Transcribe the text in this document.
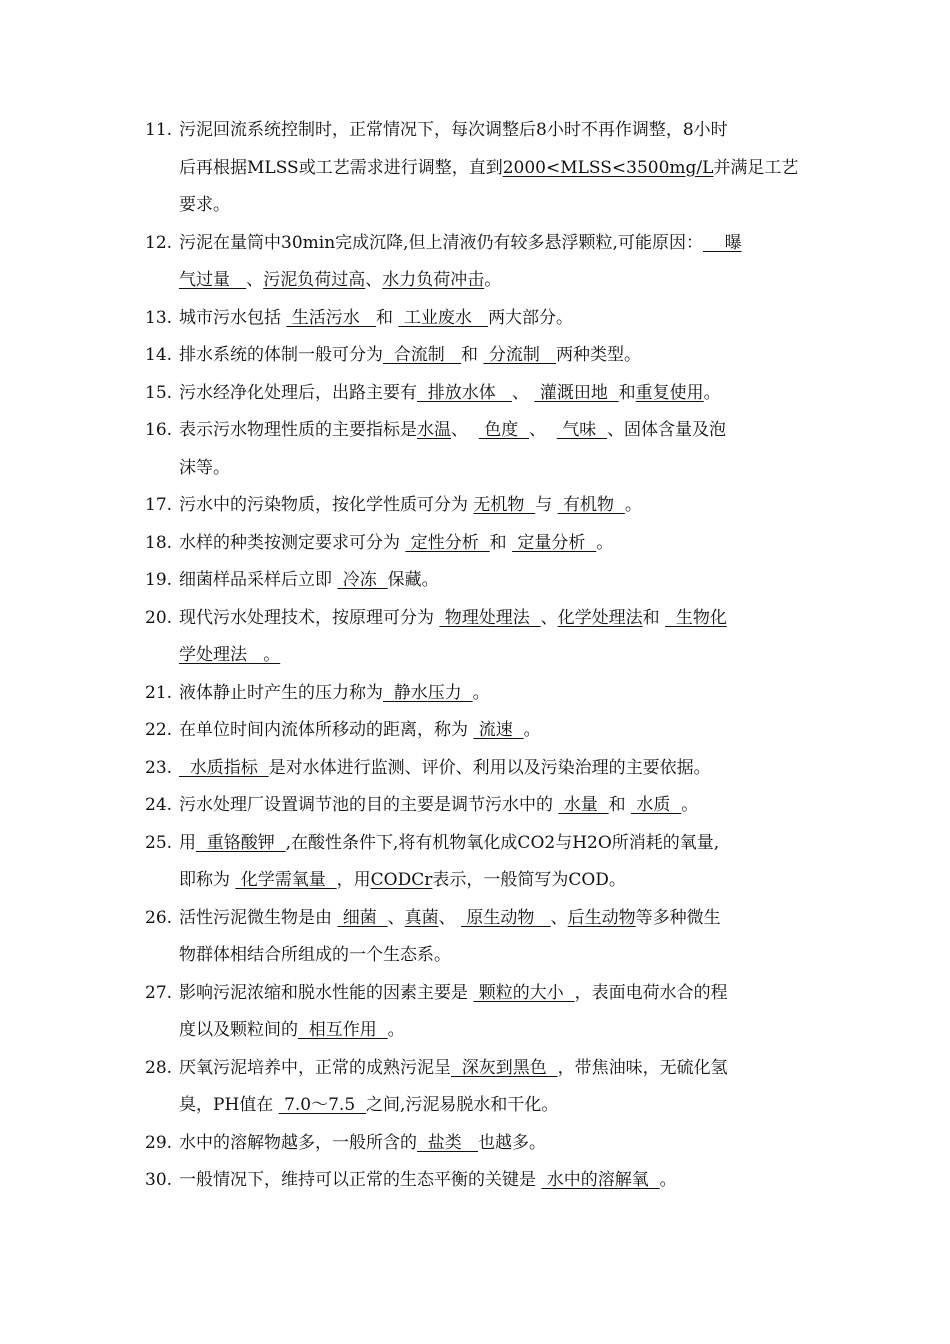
11. 污泥回流系统控制时，正常情况下，每次调整后8小时不再作调整，8小时
后再根据MLSS或工艺需求进行调整，直到2000<MLSS<3500mg/L并满足工艺
要求。
12. 污泥在量筒中30min完成沉降,但上清液仍有较多悬浮颗粒,可能原因：    曝
气过量   、污泥负荷过高、水力负荷冲击。
13. 城市污水包括  生活污水   和  工业废水   两大部分。
14. 排水系统的体制一般可分为  合流制   和  分流制   两种类型。
15. 污水经净化处理后，出路主要有  排放水体   、  灌溉田地  和重复使用。
16. 表示污水物理性质的主要指标是水温、   色度  、   气味  、固体含量及泡
沫等。
17. 污水中的污染物质，按化学性质可分为 无机物  与  有机物  。
18. 水样的种类按测定要求可分为  定性分析  和  定量分析  。
19. 细菌样品采样后立即  冷冻  保藏。
20. 现代污水处理技术，按原理可分为  物理处理法  、化学处理法和   生物化
学处理法   。
21. 液体静止时产生的压力称为  静水压力  。
22. 在单位时间内流体所移动的距离，称为  流速  。
23. 水质指标  是对水体进行监测、评价、利用以及污染治理的主要依据。
24. 污水处理厂设置调节池的目的主要是调节污水中的  水量  和  水质  。
25. 用  重铬酸钾  ,在酸性条件下,将有机物氧化成CO2与H2O所消耗的氧量,
即称为  化学需氧量  ，用CODCr表示，一般简写为COD。
26. 活性污泥微生物是由  细菌  、真菌、  原生动物   、后生动物等多种微生
物群体相结合所组成的一个生态系。
27. 影响污泥浓缩和脱水性能的因素主要是  颗粒的大小  ，表面电荷水合的程
度以及颗粒间的  相互作用  。
28. 厌氧污泥培养中，正常的成熟污泥呈  深灰到黑色  ，带焦油味，无硫化氢
臭，PH值在  7.0～7.5  之间,污泥易脱水和干化。
29. 水中的溶解物越多，一般所含的  盐类   也越多。
30. 一般情况下，维持可以正常的生态平衡的关键是  水中的溶解氧  。
